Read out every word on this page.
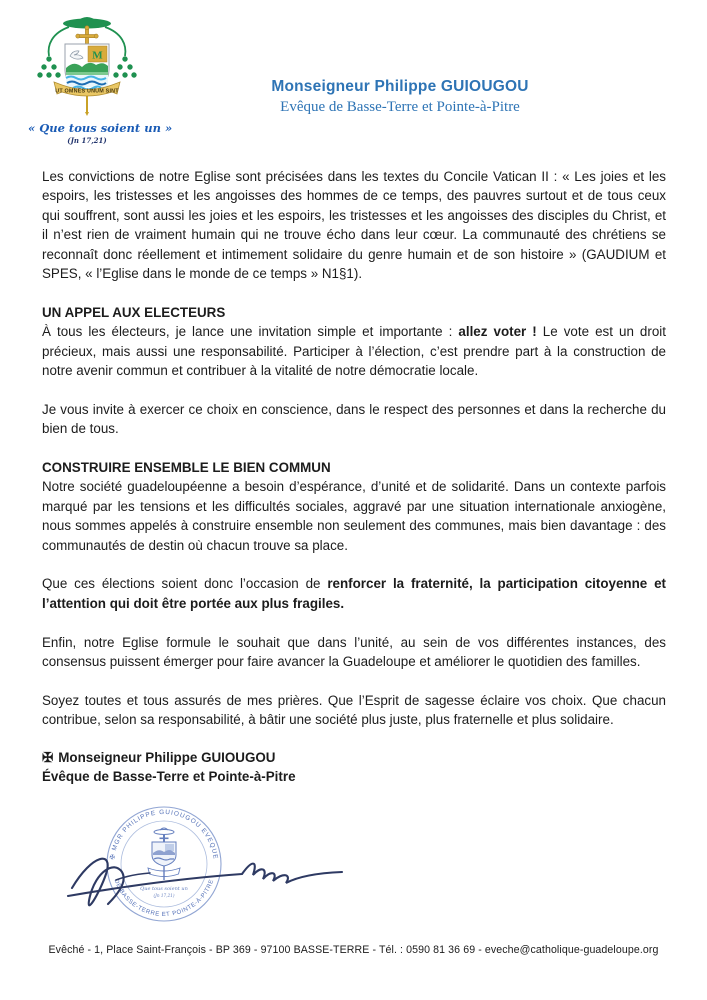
M
UT OMNES UNUM SINT
« Que tous soient un »
(Jn 17,21)
Monseigneur Philippe GUIOUGOU
Evêque de Basse-Terre et Pointe-à-Pitre

Les convictions de notre Eglise sont précisées dans les textes du Concile Vatican II : « Les joies et les espoirs, les tristesses et les angoisses des hommes de ce temps, des pauvres surtout et de tous ceux qui souffrent, sont aussi les joies et les espoirs, les tristesses et les angoisses des disciples du Christ, et il n’est rien de vraiment humain qui ne trouve écho dans leur cœur. La communauté des chrétiens se reconnaît donc réellement et intimement solidaire du genre humain et de son histoire » (GAUDIUM et SPES, « l’Eglise dans le monde de ce temps » N1§1).

UN APPEL AUX ELECTEURS

À tous les électeurs, je lance une invitation simple et importante : allez voter ! Le vote est un droit précieux, mais aussi une responsabilité. Participer à l’élection, c’est prendre part à la construction de notre avenir commun et contribuer à la vitalité de notre démocratie locale.

Je vous invite à exercer ce choix en conscience, dans le respect des personnes et dans la recherche du bien de tous.

CONSTRUIRE ENSEMBLE LE BIEN COMMUN

Notre société guadeloupéenne a besoin d’espérance, d’unité et de solidarité. Dans un contexte parfois marqué par les tensions et les difficultés sociales, aggravé par une situation internationale anxiogène, nous sommes appelés à construire ensemble non seulement des communes, mais bien davantage : des communautés de destin où chacun trouve sa place.

Que ces élections soient donc l’occasion de renforcer la fraternité, la participation citoyenne et l’attention qui doit être portée aux plus fragiles.

Enfin, notre Eglise formule le souhait que dans l’unité, au sein de vos différentes instances, des consensus puissent émerger pour faire avancer la Guadeloupe et améliorer le quotidien des familles.

Soyez toutes et tous assurés de mes prières. Que l’Esprit de sagesse éclaire vos choix. Que chacun contribue, selon sa responsabilité, à bâtir une société plus juste, plus fraternelle et plus solidaire.

✠ Monseigneur Philippe GUIOUGOU
Évêque de Basse-Terre et Pointe-à-Pitre
✠ MGR PHILIPPE GUIOUGOU EVEQUE
DE BASSE-TERRE ET POINTE-À-PITRE
Que tous soient un
(Jn 17,21)
Evêché - 1, Place Saint-François - BP 369 - 97100 BASSE-TERRE - Tél. : 0590 81 36 69 - eveche@catholique-guadeloupe.org
